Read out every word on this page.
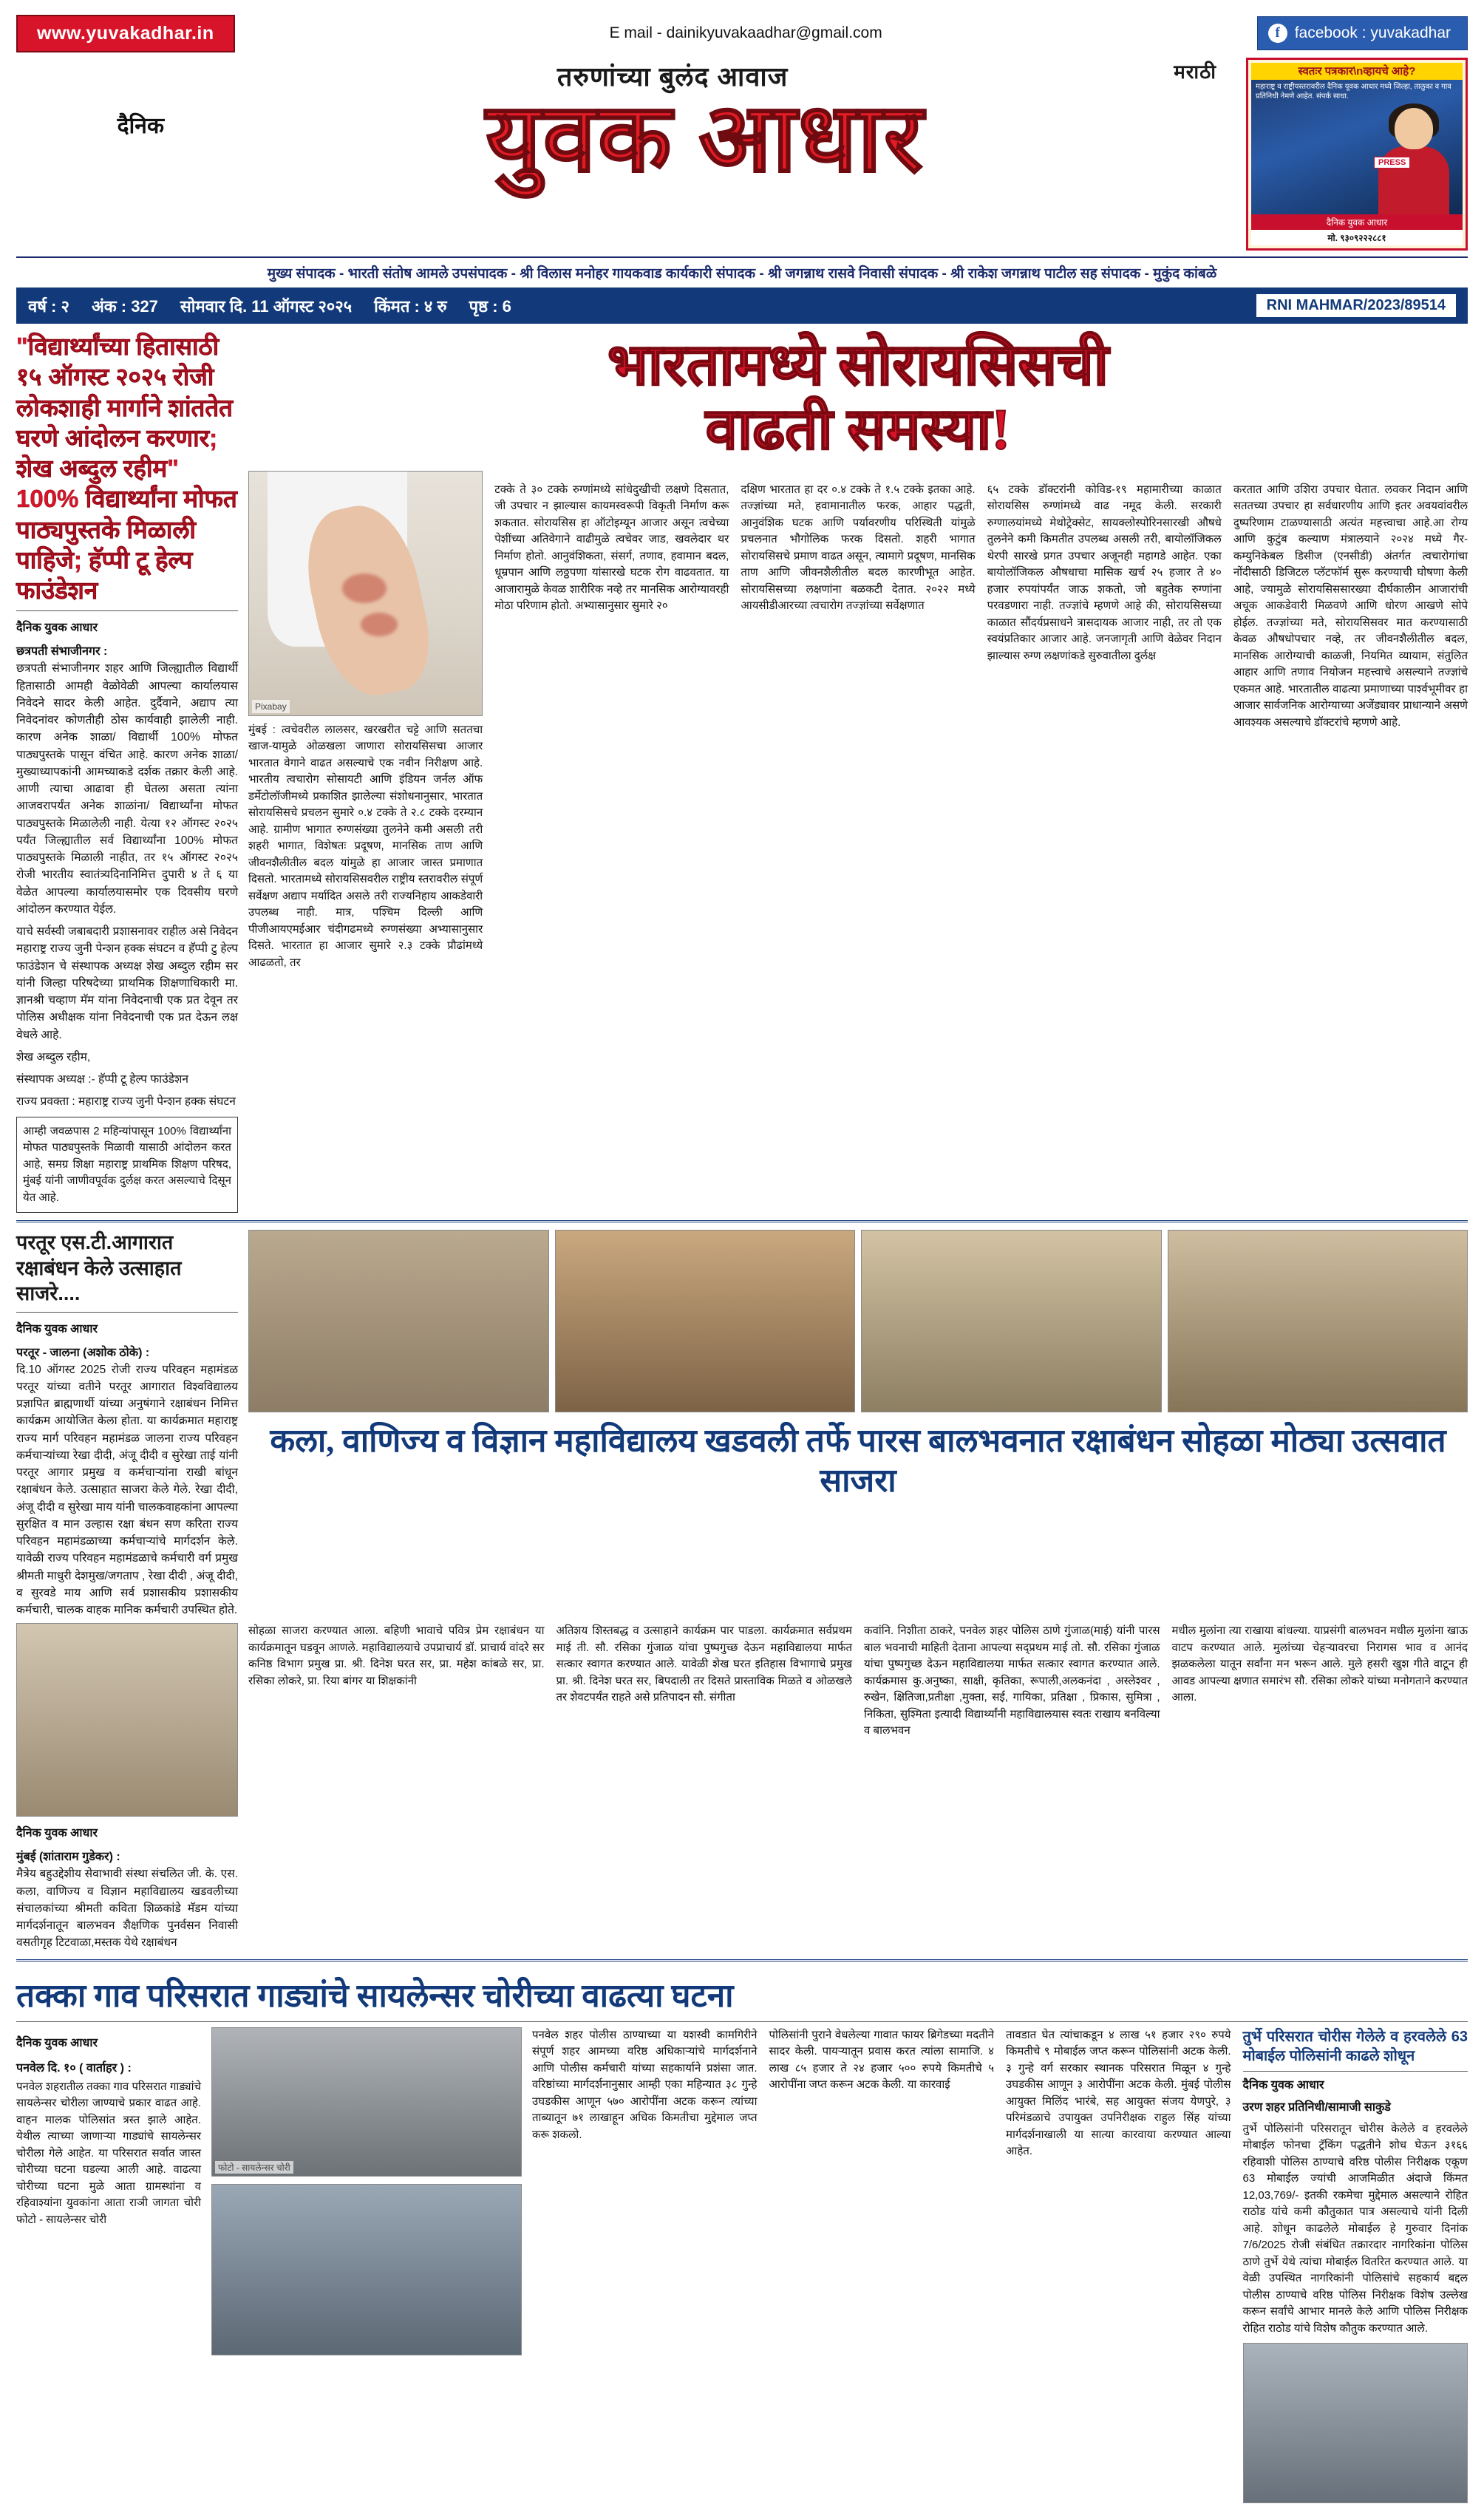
www.yuvakadhar.in	E mail - dainikyuvakaadhar@gmail.com	f facebook : yuvakadhar
दैनिक
तरुणांच्या बुलंद आवाज	मराठी
युवक आधार
स्वतःर पत्रकार\nव्हायचे आहे?
महाराष्ट्र व राष्ट्रीयस्तरावरील दैनिक यूवक आधार मध्ये जिल्हा, तालुका व गाव प्रतिनिधी नेमणे आहेत. संपर्क साधा.
PRESS
दैनिक युवक आधार
मो. ९३०९२२२८८१
मुख्य संपादक - भारती संतोष आमले उपसंपादक - श्री विलास मनोहर गायकवाड कार्यकारी संपादक - श्री जगन्नाथ रासवे निवासी संपादक - श्री राकेश जगन्नाथ पाटील सह संपादक - मुकुंद कांबळे
वर्ष : २ अंक : 327 सोमवार दि. 11 ऑगस्ट २०२५ किंमत : ४ रु पृष्ठ : 6	RNI MAHMAR/2023/89514
"विद्यार्थ्यांच्या हितासाठी १५ ऑगस्ट २०२५ रोजी लोकशाही मार्गाने शांततेत घरणे आंदोलन करणार; शेख अब्दुल रहीम" 100% विद्यार्थ्यांना मोफत पाठ्यपुस्तके मिळाली पाहिजे; हॅप्पी टू हेल्प फाउंडेशन
दैनिक युवक आधार
छत्रपती संभाजीनगर :

छत्रपती संभाजीनगर शहर आणि जिल्ह्यातील विद्यार्थी हितासाठी आमही वेळोवेळी आपल्या कार्यालयास निवेदने सादर केली आहेत. दुर्दैवाने, अद्याप त्या निवेदनांवर कोणतीही ठोस कार्यवाही झालेली नाही. कारण अनेक शाळा/ विद्यार्थी 100% मोफत पाठ्यपुस्तके पासून वंचित आहे. कारण अनेक शाळा/ मुख्याध्यापकांनी आमच्याकडे दर्शक तक्रार केली आहे. आणी त्याचा आढावा ही घेतला असता त्यांना आजवरापर्यंत अनेक शाळांना/ विद्यार्थ्यांना मोफत पाठ्यपुस्तके मिळालेली नाही. येत्या १२ ऑगस्ट २०२५ पर्यंत जिल्ह्यातील सर्व विद्यार्थ्यांना 100% मोफत पाठ्यपुस्तके मिळाली नाहीत, तर १५ ऑगस्ट २०२५ रोजी भारतीय स्वातंत्र्यदिनानिमित्त दुपारी ४ ते ६ या वेळेत आपल्या कार्यालयासमोर एक दिवसीय घरणे आंदोलन करण्यात येईल.

याचे सर्वस्वी जबाबदारी प्रशासनावर राहील असे निवेदन महाराष्ट्र राज्य जुनी पेन्शन हक्क संघटन व हॅप्पी टु हेल्प फाउंडेशन चे संस्थापक अध्यक्ष शेख अब्दुल रहीम सर यांनी जिल्हा परिषदेच्या प्राथमिक शिक्षणाधिकारी मा. ज्ञानश्री चव्हाण मॅम यांना निवेदनाची एक प्रत देवून तर पोलिस अधीक्षक यांना निवेदनाची एक प्रत देऊन लक्ष वेधले आहे.

शेख अब्दुल रहीम,

संस्थापक अध्यक्ष :- हॅप्पी टू हेल्प फाउंडेशन

राज्य प्रवक्ता : महाराष्ट्र राज्य जुनी पेन्शन हक्क संघटन

आम्ही जवळपास 2 महिन्यांपासून 100% विद्यार्थ्यांना मोफत पाठ्यपुस्तके मिळावी यासाठी आंदोलन करत आहे, समग्र शिक्षा महाराष्ट्र प्राथमिक शिक्षण परिषद, मुंबई यांनी जाणीवपूर्वक दुर्लक्ष करत असल्याचे दिसून येत आहे.
भारतामध्ये सोरायसिसची
वाढती समस्या!
Pixabay

मुंबई : त्वचेवरील लालसर, खरखरीत चट्टे आणि सततचा खाज-यामुळे ओळखला जाणारा सोरायसिसचा आजार भारतात वेगाने वाढत असल्याचे एक नवीन निरीक्षण आहे. भारतीय त्वचारोग सोसायटी आणि इंडियन जर्नल ऑफ डर्मेटोलॉजीमध्ये प्रकाशित झालेल्या संशोधनानुसार, भारतात सोरायसिसचे प्रचलन सुमारे ०.४ टक्के ते २.८ टक्के दरम्यान आहे. ग्रामीण भागात रुग्णसंख्या तुलनेने कमी असली तरी शहरी भागात, विशेषतः प्रदूषण, मानसिक ताण आणि जीवनशैलीतील बदल यांमुळे हा आजार जास्त प्रमाणात दिसतो. भारतामध्ये सोरायसिसवरील राष्ट्रीय स्तरावरील संपूर्ण सर्वेक्षण अद्याप मर्यादित असले तरी राज्यनिहाय आकडेवारी उपलब्ध नाही. मात्र, पश्चिम दिल्ली आणि पीजीआयएमईआर चंदीगढमध्ये रुग्णसंख्या अभ्यासानुसार दिसते. भारतात हा आजार सुमारे २.३ टक्के प्रौढांमध्ये आढळतो, तर

टक्के ते ३० टक्के रुग्णांमध्ये सांधेदुखीची लक्षणे दिसतात, जी उपचार न झाल्यास कायमस्वरूपी विकृती निर्माण करू शकतात. सोरायसिस हा ऑटोइम्यून आजार असून त्वचेच्या पेशींच्या अतिवेगाने वाढीमुळे त्वचेवर जाड, खवलेदार थर निर्माण होतो. आनुवंशिकता, संसर्ग, तणाव, हवामान बदल, धूम्रपान आणि लठ्ठपणा यांसारखे घटक रोग वाढवतात. या आजारामुळे केवळ शारीरिक नव्हे तर मानसिक आरोग्यावरही मोठा परिणाम होतो. अभ्यासानुसार सुमारे २०

दक्षिण भारतात हा दर ०.४ टक्के ते १.५ टक्के इतका आहे. तज्ज्ञांच्या मते, हवामानातील फरक, आहार पद्धती, आनुवंशिक घटक आणि पर्यावरणीय परिस्थिती यांमुळे प्रचलनात भौगोलिक फरक दिसतो. शहरी भागात सोरायसिसचे प्रमाण वाढत असून, त्यामागे प्रदूषण, मानसिक ताण आणि जीवनशैलीतील बदल कारणीभूत आहेत. सोरायसिसच्या लक्षणांना बळकटी देतात. २०२२ मध्ये आयसीडीआरच्या त्वचारोग तज्ज्ञांच्या सर्वेक्षणात

६५ टक्के डॉक्टरांनी कोविड-१९ महामारीच्या काळात सोरायसिस रुग्णांमध्ये वाढ नमूद केली. सरकारी रुग्णालयांमध्ये मेथोट्रेक्सेट, सायक्लोस्पोरिनसारखी औषधे तुलनेने कमी किमतीत उपलब्ध असली तरी, बायोलॉजिकल थेरपी सारखे प्रगत उपचार अजूनही महागडे आहेत. एका बायोलॉजिकल औषधाचा मासिक खर्च २५ हजार ते ४० हजार रुपयांपर्यंत जाऊ शकतो, जो बहुतेक रुग्णांना परवडणारा नाही. तज्ज्ञांचे म्हणणे आहे की, सोरायसिसच्या काळात सौंदर्यप्रसाधने त्रासदायक आजार नाही, तर तो एक स्वयंप्रतिकार आजार आहे. जनजागृती आणि वेळेवर निदान झाल्यास रुग्ण लक्षणांकडे सुरुवातीला दुर्लक्ष

करतात आणि उशिरा उपचार घेतात. लवकर निदान आणि सततच्या उपचार हा सर्वधारणीय आणि इतर अवयवांवरील दुष्परिणाम टाळण्यासाठी अत्यंत महत्त्वाचा आहे.आ रोग्य आणि कुटुंब कल्याण मंत्रालयाने २०२४ मध्ये गैर-कम्युनिकेबल डिसीज (एनसीडी) अंतर्गत त्वचारोगांचा नोंदीसाठी डिजिटल प्लॅटफॉर्म सुरू करण्याची घोषणा केली आहे, ज्यामुळे सोरायसिससारख्या दीर्घकालीन आजारांची अचूक आकडेवारी मिळवणे आणि धोरण आखणे सोपे होईल. तज्ज्ञांच्या मते, सोरायसिसवर मात करण्यासाठी केवळ औषधोपचार नव्हे, तर जीवनशैलीतील बदल, मानसिक आरोग्याची काळजी, नियमित व्यायाम, संतुलित आहार आणि तणाव नियोजन महत्त्वाचे असल्याने तज्ज्ञांचे एकमत आहे. भारतातील वाढत्या प्रमाणाच्या पार्श्वभूमीवर हा आजार सार्वजनिक आरोग्याच्या अजेंड्यावर प्राधान्याने असणे आवश्यक असल्याचे डॉक्टरांचे म्हणणे आहे.

परतूर एस.टी.आगारात रक्षाबंधन केले उत्साहात साजरे....
दैनिक युवक आधार
परतूर - जालना (अशोक ठोके) :
दि.10 ऑगस्ट 2025 रोजी राज्य परिवहन महामंडळ परतूर यांच्या वतीने परतूर आगारात विश्वविद्यालय प्रज्ञापित ब्राह्मणार्थी यांच्या अनुषंगाने रक्षाबंधन निमित्त कार्यक्रम आयोजित केला होता. या कार्यक्रमात महाराष्ट्र राज्य मार्ग परिवहन महामंडळ जालना राज्य परिवहन कर्मचाऱ्यांच्या रेखा दीदी, अंजू दीदी व सुरेखा ताई यांनी परतूर आगार प्रमुख व कर्मचाऱ्यांना राखी बांधून रक्षाबंधन केले. उत्साहात साजरा केले गेले. रेखा दीदी, अंजू दीदी व सुरेखा माय यांनी चालकवाहकांना आपल्या सुरक्षित व मान उल्हास रक्षा बंधन सण करिता राज्य परिवहन महामंडळाच्या कर्मचाऱ्यांचे मार्गदर्शन केले. यावेळी राज्य परिवहन महामंडळाचे कर्मचारी वर्ग प्रमुख श्रीमती माधुरी देशमुख/जगताप , रेखा दीदी , अंजू दीदी, व सुरवडे माय आणि सर्व प्रशासकीय प्रशासकीय कर्मचारी, चालक वाहक मानिक कर्मचारी उपस्थित होते.
कला, वाणिज्य व विज्ञान महाविद्यालय खडवली तर्फे पारस बालभवनात रक्षाबंधन सोहळा मोठ्या उत्सवात साजरा
दैनिक युवक आधार
मुंबई (शांताराम गुडेकर) :
मैत्रेय बहुउद्देशीय सेवाभावी संस्था संचलित जी. के. एस. कला, वाणिज्य व विज्ञान महाविद्यालय खडवलीच्या संचालकांच्या श्रीमती कविता शिळकांडे मॅडम यांच्या मार्गदर्शनातून बालभवन शैक्षणिक पुनर्वसन निवासी वसतीगृह टिटवाळा,मस्तक येथे रक्षाबंधन
सोहळा साजरा करण्यात आला. बहिणी भावाचे पवित्र प्रेम रक्षाबंधन या कार्यक्रमातून घडवून आणले. महाविद्यालयाचे उपप्राचार्य डॉ. प्राचार्य वांदरे सर कनिष्ठ विभाग प्रमुख प्रा. श्री. दिनेश घरत सर, प्रा. महेश कांबळे सर, प्रा. रसिका लोकरे, प्रा. रिया बांगर या शिक्षकांनी
अतिशय शिस्तबद्ध व उत्साहाने कार्यक्रम पार पाडला. कार्यक्रमात सर्वप्रथम माई ती. सौ. रसिका गुंजाळ यांचा पुष्पगुच्छ देऊन महाविद्यालया मार्फत सत्कार स्वागत करण्यात आले. यावेळी शेख घरत इतिहास विभागाचे प्रमुख प्रा. श्री. दिनेश घरत सर, बिपदाली तर दिसते प्रास्ताविक मिळते व ओळखले तर शेवटपर्यंत राहते असे प्रतिपादन सौ. संगीता
कवांनि. निशीता ठाकरे, पनवेल शहर पोलिस ठाणे गुंजाळ(माई) यांनी पारस बाल भवनाची माहिती देताना आपल्या सद्प्रथम माई तो. सौ. रसिका गुंजाळ यांचा पुष्पगुच्छ देऊन महाविद्यालया मार्फत सत्कार स्वागत करण्यात आले. कार्यक्रमास कु.अनुष्का, साक्षी, कृतिका, रूपाली,अलकनंदा , अस्लेश्वर , रुखेन, क्षितिजा,प्रतीक्षा ,मुक्ता, सई, गायिका, प्रतिक्षा , प्रिकास, सुमित्रा , निकिता, सुश्मिता इत्यादी विद्यार्थ्यांनी महाविद्यालयास स्वतः राखाय बनविल्या व बालभवन
मधील मुलांना त्या राखाया बांधल्या. याप्रसंगी बालभवन मधील मुलांना खाऊ वाटप करण्यात आले. मुलांच्या चेहऱ्यावरचा निरागस भाव व आनंद झळकलेला यातून सर्वांना मन भरून आले. मुले हसरी खुश गीते वाटून ही आवड आपल्या क्षणात समारंभ सौ. रसिका लोकरे यांच्या मनोगताने करण्यात आला.
तक्का गाव परिसरात गाड्यांचे सायलेन्सर चोरीच्या वाढत्या घटना
दैनिक युवक आधार
पनवेल दि. १० ( वार्ताहर ) :
पनवेल शहरातील तक्का गाव परिसरात गाड्यांचे सायलेन्सर चोरीला जाण्याचे प्रकार वाढत आहे. वाहन मालक पोलिसांत त्रस्त झाले आहेत. येथील त्याच्या जाणाऱ्या गाड्यांचे सायलेन्सर चोरीला गेले आहेत. या परिसरात सर्वात जास्त चोरीच्या घटना घडल्या आली आहे. वाढत्या चोरीच्या घटना मुळे आता ग्रामस्थांना व रहिवाश्यांना युवकांना आता राञी जागता चोरी फोटो - सायलेन्सर चोरी
फोटो - सायलेन्सर चोरी
पनवेल शहर पोलीस ठाण्याच्या या यशस्वी कामगिरीने संपूर्ण शहर आमच्या वरिष्ठ अधिकाऱ्यांचे मार्गदर्शनाने आणि पोलीस कर्मचारी यांच्या सहकार्याने प्रशंसा जात. वरिष्ठांच्या मार्गदर्शनानुसार आम्ही एका महिन्यात ३८ गुन्हे उघडकीस आणून ५७० आरोपींना अटक करून त्यांच्या ताब्यातून ७१ लाखाहून अधिक किमतीचा मुद्देमाल जप्त करू शकलो.
पोलिसांनी पुराने वेधलेल्या गावात फायर ब्रिगेडच्या मदतीने सादर केली. पायऱ्यातून प्रवास करत त्यांला सामाजि. ४ लाख ८५ हजार ते २४ हजार ५०० रुपये किमतीचे ५ आरोपींना जप्त करून अटक केली. या कारवाई
तावडात घेत त्यांचाकडून ४ लाख ५१ हजार २९० रुपये किमतीचे ९ मोबाईल जप्त करून पोलिसांनी अटक केली. ३ गुन्हे वर्ग सरकार स्थानक परिसरात मिळून ४ गुन्हे उघडकीस आणून ३ आरोपींना अटक केली. मुंबई पोलीस आयुक्त मिलिंद भारंबे, सह आयुक्त संजय येणपुरे, ३ परिमंडळाचे उपायुक्त उपनिरीक्षक राहुल सिंह यांच्या मार्गदर्शनाखाली या सात्या कारवाया करण्यात आल्या आहेत.
तुर्भे परिसरात चोरीस गेलेले व हरवलेले 63 मोबाईल पोलिसांनी काढले शोधून
दैनिक युवक आधार
उरण शहर प्रतिनिधी/सामाजी साकुडे
तुर्भे पोलिसांनी परिसरातून चोरीस केलेले व हरवलेले मोबाईल फोनचा ट्रॅकिंग पद्धतीने शोध घेऊन ३१६६ रहिवाशी पोलिस ठाण्याचे वरिष्ठ पोलीस निरीक्षक एकूण 63 मोबाईल ज्यांची आजमिळीत अंदाजे किंमत 12,03,769/- इतकी रकमेचा मुद्देमाल असल्याने रोहित राठोड यांचे कमी कौतुकात पात्र असल्याचे यांनी दिली आहे. शोधून काढलेले मोबाईल हे गुरुवार दिनांक 7/6/2025 रोजी संबंधित तक्रारदार नागरिकांना पोलिस ठाणे तुर्भे येथे त्यांचा मोबाईल वितरित करण्यात आले. या वेळी उपस्थित नागरिकांनी पोलिसांचे सहकार्य बद्दल पोलीस ठाण्याचे वरिष्ठ पोलिस निरीक्षक विशेष उल्लेख करून सर्वांचे आभार मानले केले आणि पोलिस निरीक्षक रोहित राठोड यांचे विशेष कौतुक करण्यात आले.
